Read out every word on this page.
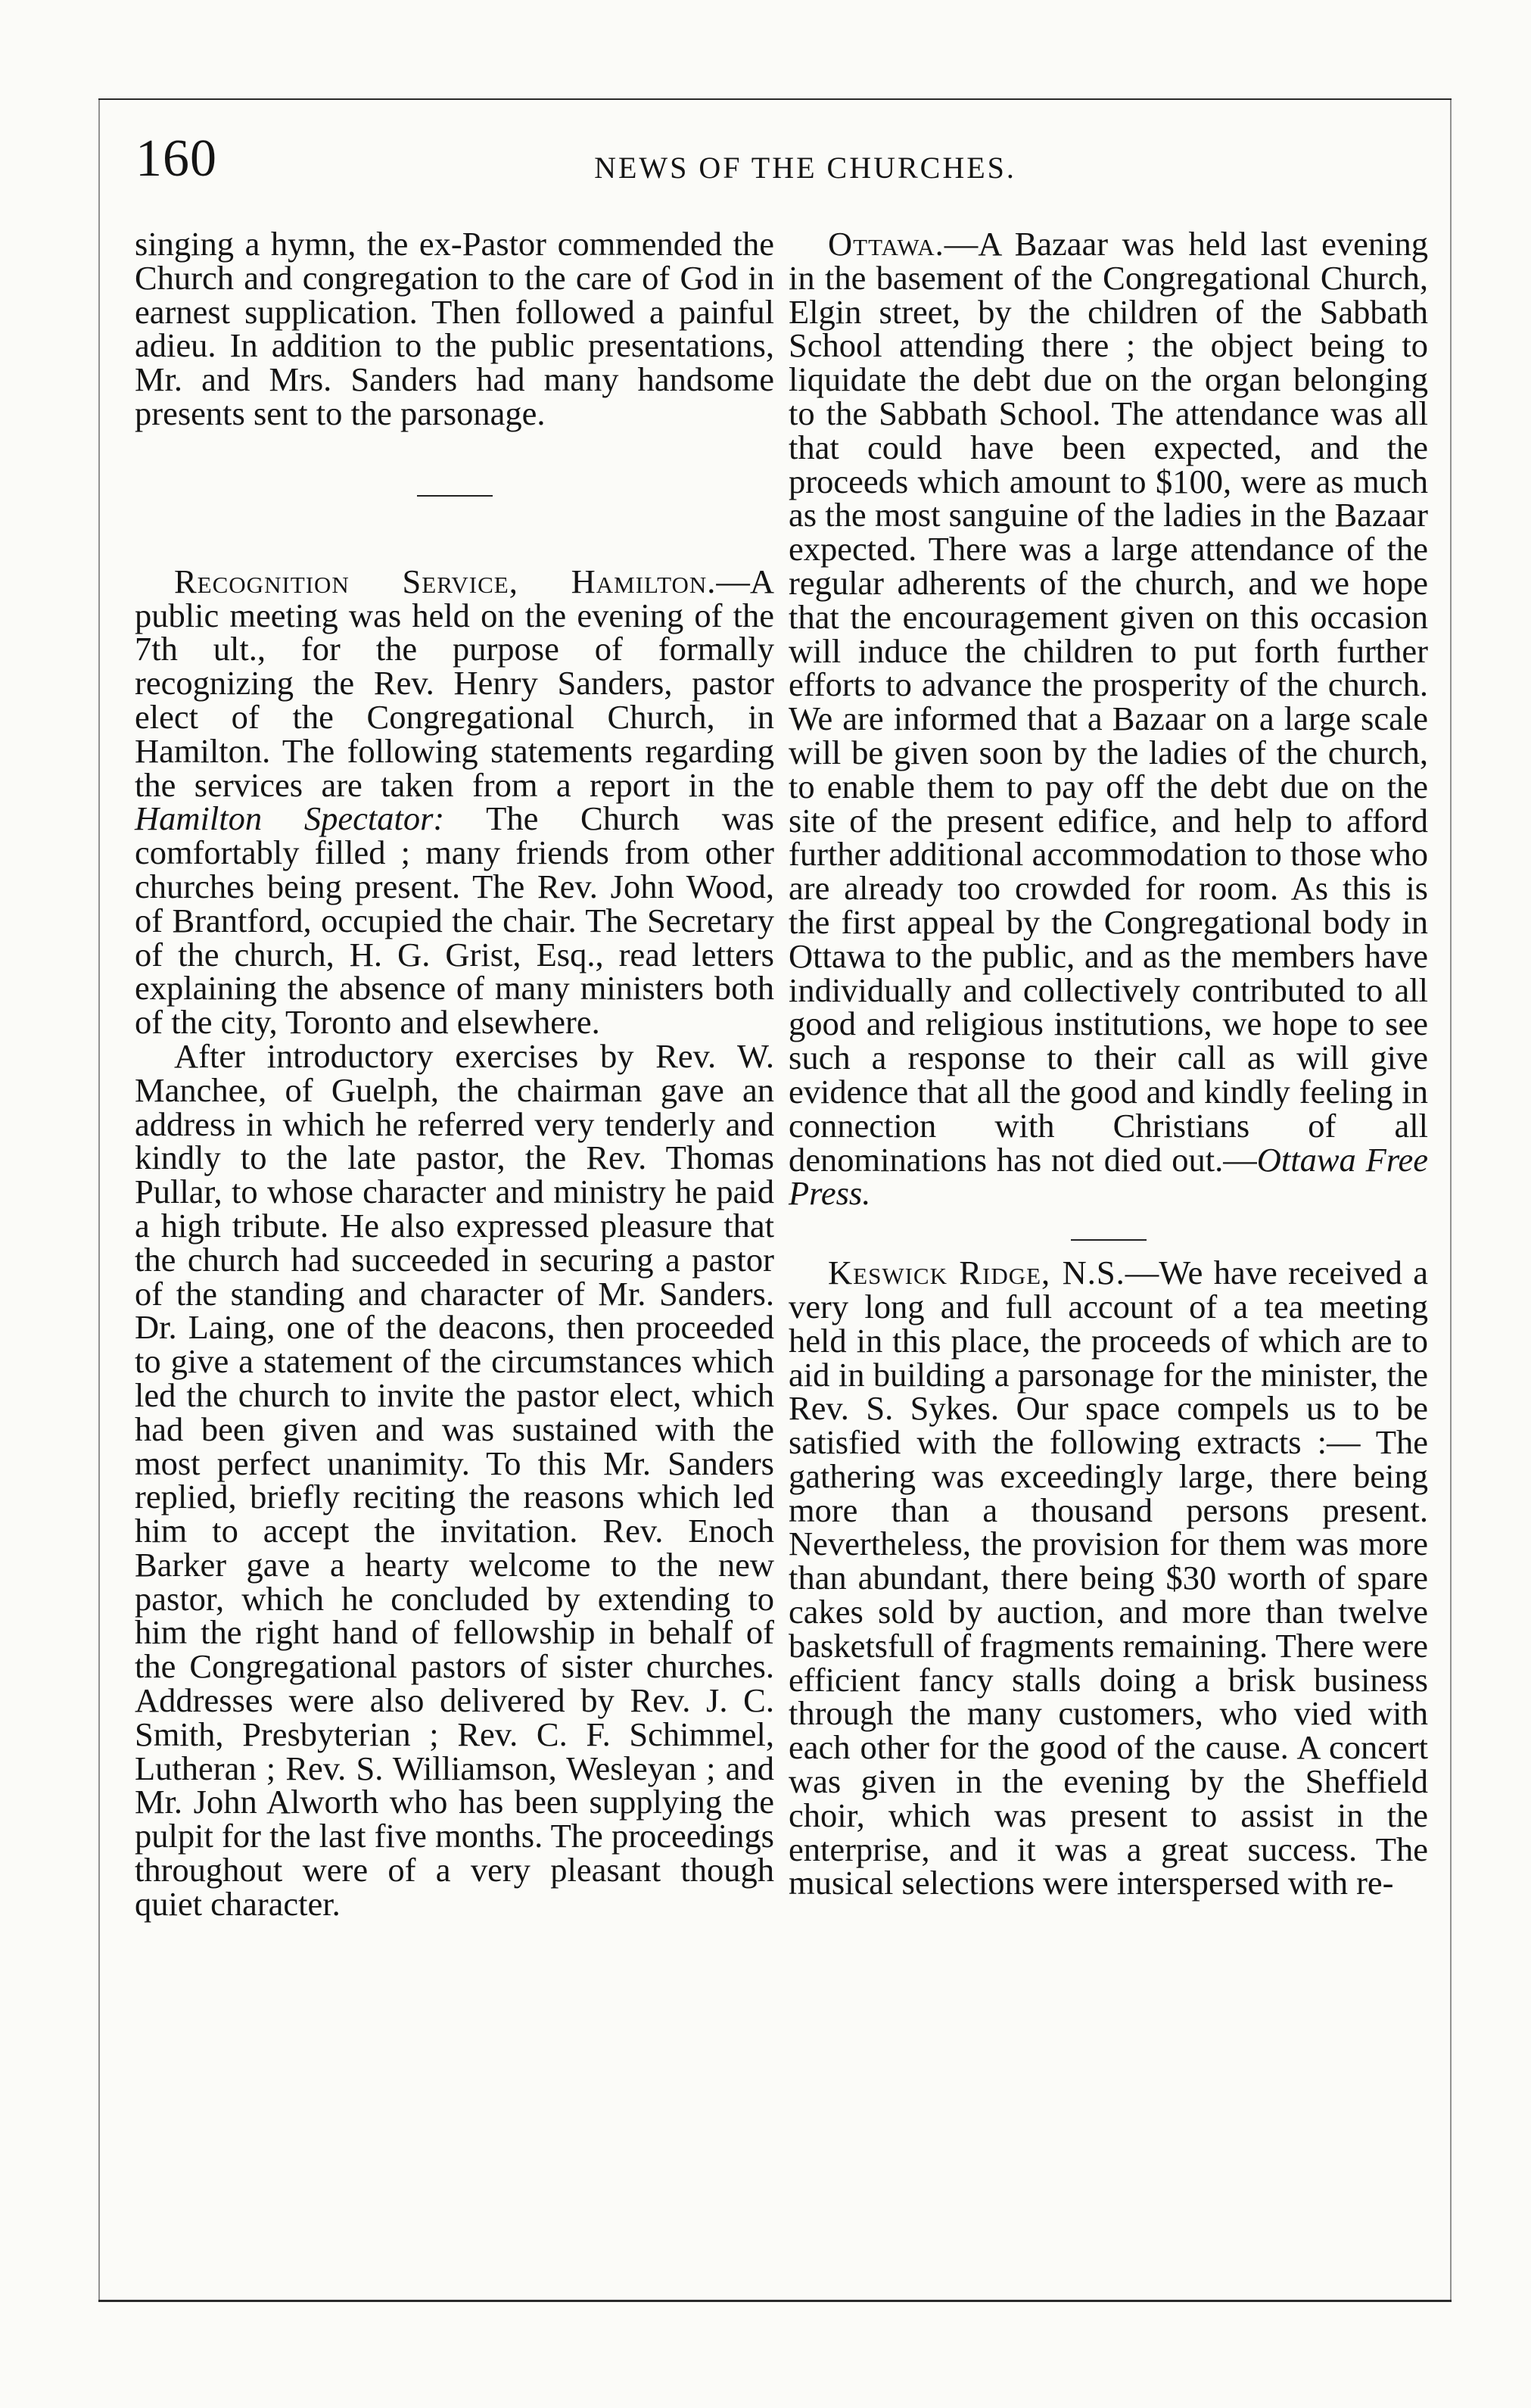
160	NEWS OF THE CHURCHES.

singing a hymn, the ex-Pastor commended the Church and congregation to the care of God in earnest supplication. Then followed a painful adieu. In addition to the public presentations, Mr. and Mrs. Sanders had many handsome presents sent to the parsonage.

Recognition Service, Hamilton.—A public meeting was held on the evening of the 7th ult., for the purpose of formally recognizing the Rev. Henry Sanders, pastor elect of the Congregational Church, in Hamilton. The following statements regarding the services are taken from a report in the Hamilton Spectator: The Church was comfortably filled ; many friends from other churches being present. The Rev. John Wood, of Brantford, occupied the chair. The Secretary of the church, H. G. Grist, Esq., read letters explaining the absence of many ministers both of the city, Toronto and elsewhere.

After introductory exercises by Rev. W. Manchee, of Guelph, the chairman gave an address in which he referred very tenderly and kindly to the late pastor, the Rev. Thomas Pullar, to whose character and ministry he paid a high tribute. He also expressed pleasure that the church had succeeded in securing a pastor of the standing and character of Mr. Sanders. Dr. Laing, one of the deacons, then proceeded to give a statement of the circumstances which led the church to invite the pastor elect, which had been given and was sustained with the most perfect unanimity. To this Mr. Sanders replied, briefly reciting the reasons which led him to accept the invitation. Rev. Enoch Barker gave a hearty welcome to the new pastor, which he concluded by extending to him the right hand of fellowship in behalf of the Congregational pastors of sister churches. Addresses were also delivered by Rev. J. C. Smith, Presbyterian ; Rev. C. F. Schimmel, Lutheran ; Rev. S. Williamson, Wesleyan ; and Mr. John Alworth who has been supplying the pulpit for the last five months. The proceedings throughout were of a very pleasant though quiet character.

Ottawa.—A Bazaar was held last evening in the basement of the Congregational Church, Elgin street, by the children of the Sabbath School attending there ; the object being to liquidate the debt due on the organ belonging to the Sabbath School. The attendance was all that could have been expected, and the proceeds which amount to $100, were as much as the most sanguine of the ladies in the Bazaar expected. There was a large attendance of the regular adherents of the church, and we hope that the encouragement given on this occasion will induce the children to put forth further efforts to advance the prosperity of the church. We are informed that a Bazaar on a large scale will be given soon by the ladies of the church, to enable them to pay off the debt due on the site of the present edifice, and help to afford further additional accommodation to those who are already too crowded for room. As this is the first appeal by the Congregational body in Ottawa to the public, and as the members have individually and collectively contributed to all good and religious institutions, we hope to see such a response to their call as will give evidence that all the good and kindly feeling in connection with Christians of all denominations has not died out.—Ottawa Free Press.

Keswick Ridge, N.S.—We have received a very long and full account of a tea meeting held in this place, the proceeds of which are to aid in building a parsonage for the minister, the Rev. S. Sykes. Our space compels us to be satisfied with the following extracts :— The gathering was exceedingly large, there being more than a thousand persons present. Nevertheless, the provision for them was more than abundant, there being $30 worth of spare cakes sold by auction, and more than twelve basketsfull of fragments remaining. There were efficient fancy stalls doing a brisk business through the many customers, who vied with each other for the good of the cause. A concert was given in the evening by the Sheffield choir, which was present to assist in the enterprise, and it was a great success. The musical selections were interspersed with re-
